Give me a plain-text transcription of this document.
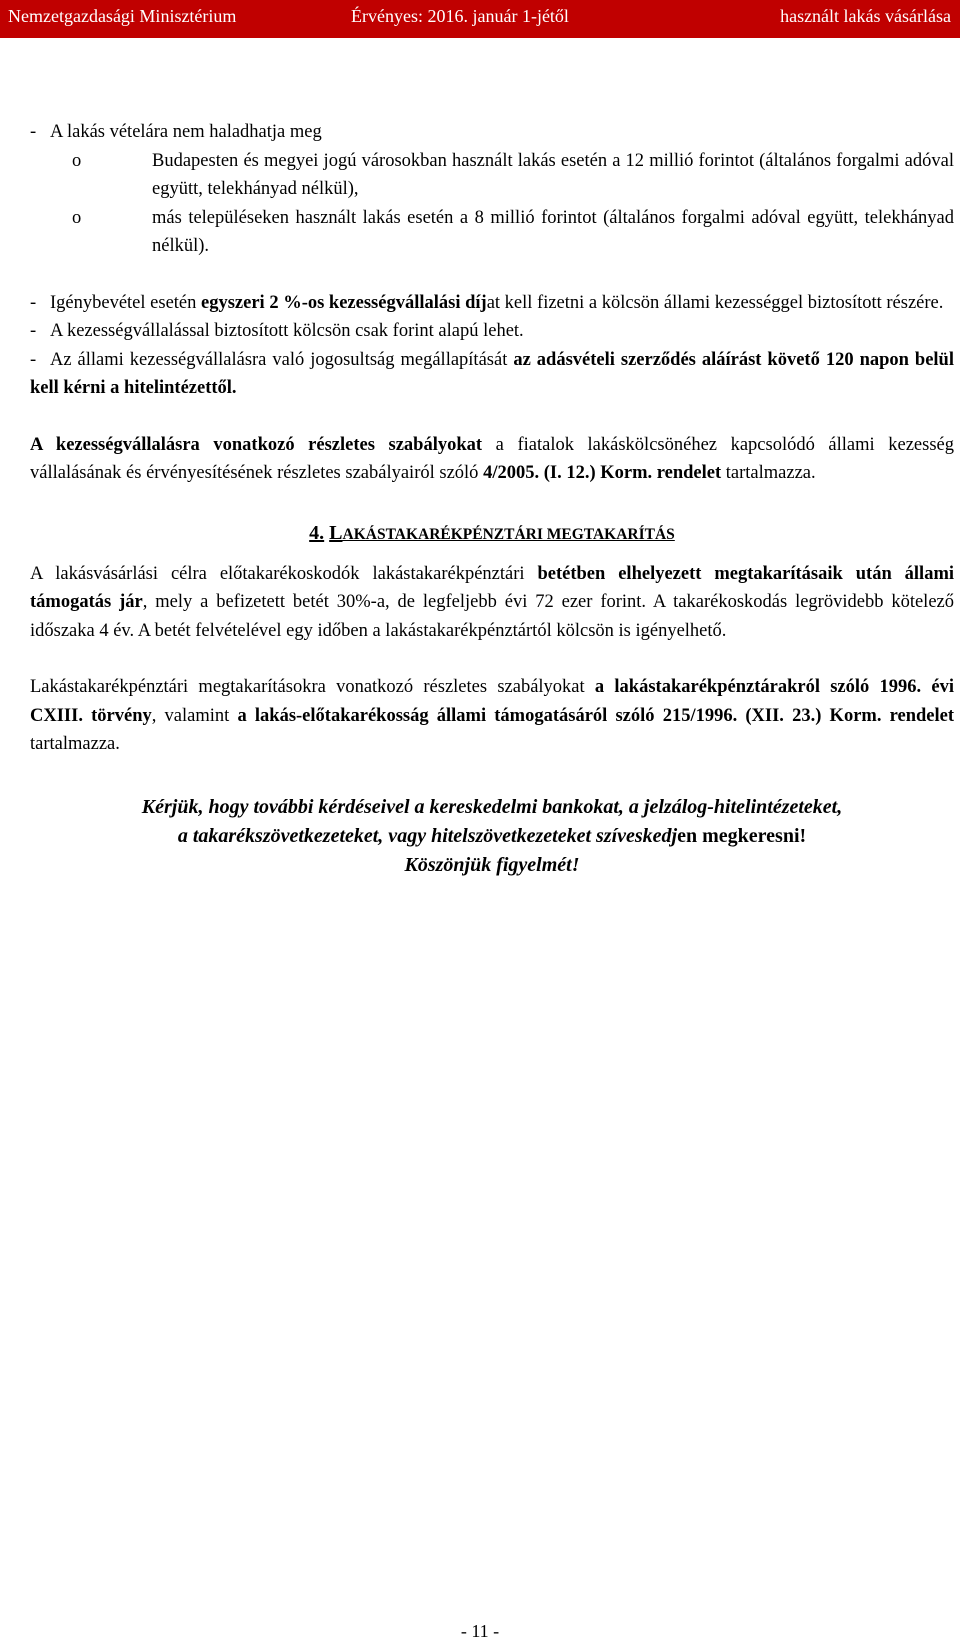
Nemzetgazdasági Minisztérium	Érvényes: 2016. január 1-jétől	használt lakás vásárlása

- A lakás vételára nem haladhatja meg

o	Budapesten és megyei jogú városokban használt lakás esetén a 12 millió forintot (általános forgalmi adóval együtt, telekhányad nélkül),
o	más településeken használt lakás esetén a 8 millió forintot (általános forgalmi adóval együtt, telekhányad nélkül).

- Igénybevétel esetén egyszeri 2 %-os kezességvállalási díjat kell fizetni a kölcsön állami kezességgel biztosított részére.

- A kezességvállalással biztosított kölcsön csak forint alapú lehet.

- Az állami kezességvállalásra való jogosultság megállapítását az adásvételi szerződés aláírást követő 120 napon belül kell kérni a hitelintézettől.

A kezességvállalásra vonatkozó részletes szabályokat a fiatalok lakáskölcsönéhez kapcsolódó állami kezesség vállalásának és érvényesítésének részletes szabályairól szóló 4/2005. (I. 12.) Korm. rendelet tartalmazza.

4. LAKÁSTAKARÉKPÉNZTÁRI MEGTAKARÍTÁS

A lakásvásárlási célra előtakarékoskodók lakástakarékpénztári betétben elhelyezett megtakarításaik után állami támogatás jár, mely a befizetett betét 30%-a, de legfeljebb évi 72 ezer forint. A takarékoskodás legrövidebb kötelező időszaka 4 év. A betét felvételével egy időben a lakástakarékpénztártól kölcsön is igényelhető.

Lakástakarékpénztári megtakarításokra vonatkozó részletes szabályokat a lakástakarékpénztárakról szóló 1996. évi CXIII. törvény, valamint a lakás-előtakarékosság állami támogatásáról szóló 215/1996. (XII. 23.) Korm. rendelet tartalmazza.

Kérjük, hogy további kérdéseivel a kereskedelmi bankokat, a jelzálog-hitelintézeteket,
a takarékszövetkezeteket, vagy hitelszövetkezeteket szíveskedjen megkeresni!
Köszönjük figyelmét!
- 11 -
